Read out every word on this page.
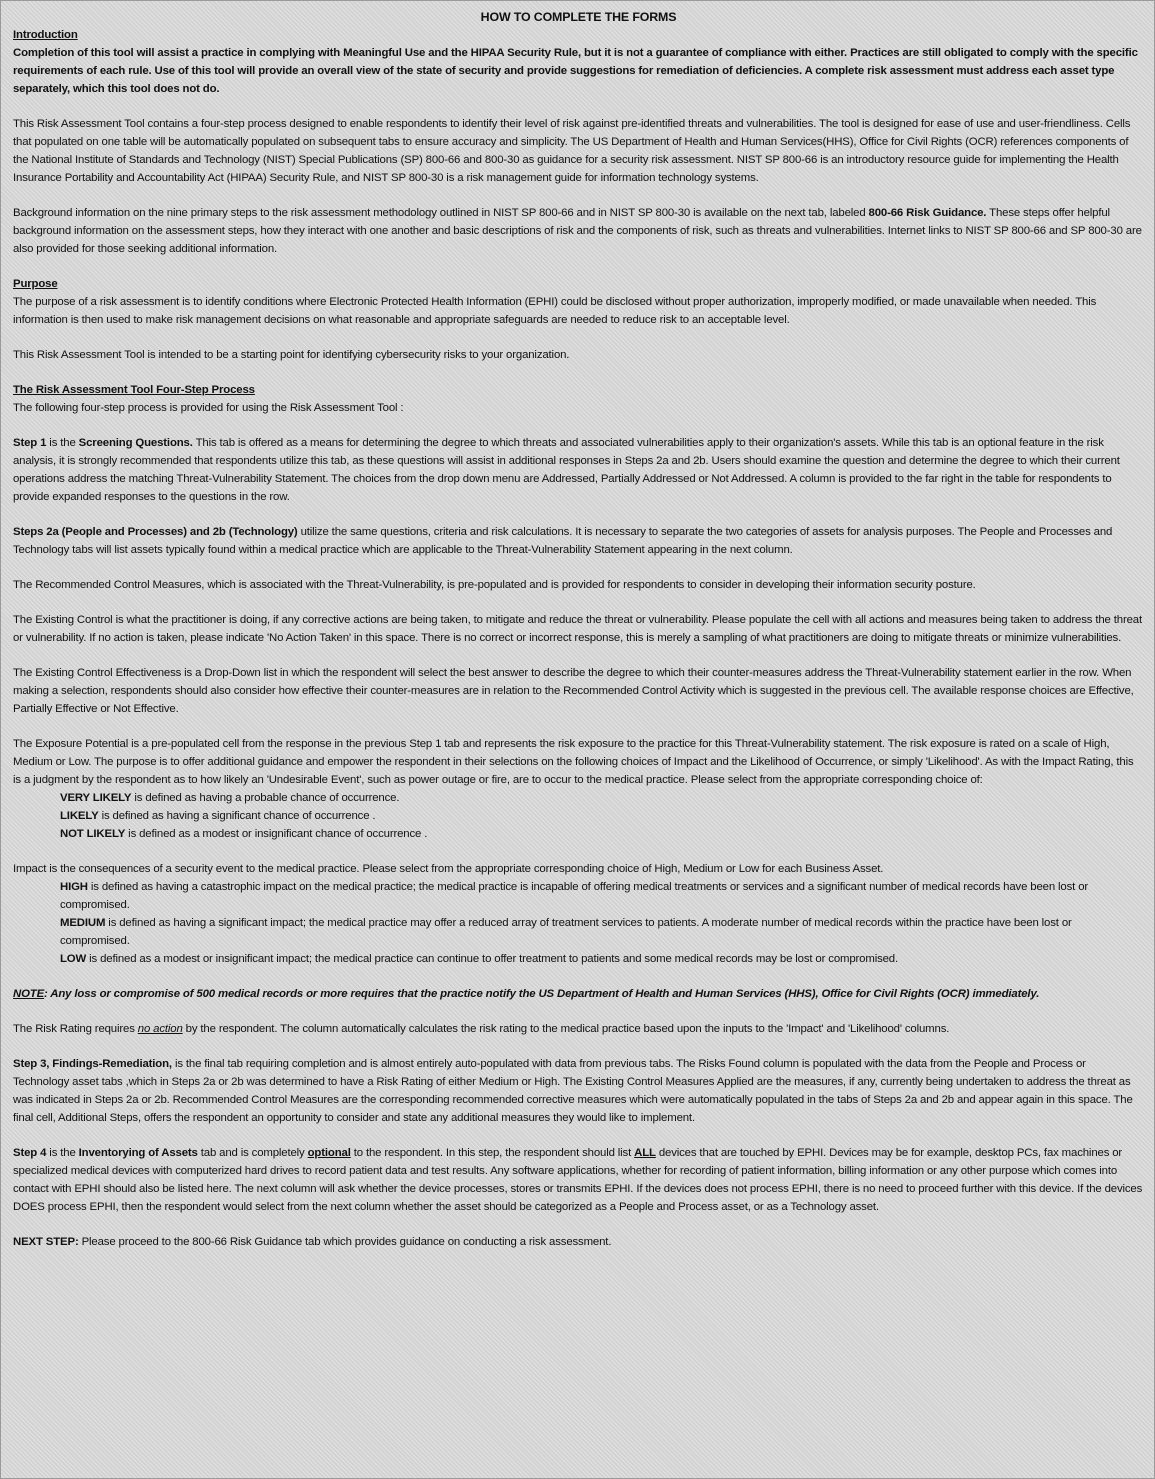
HOW TO COMPLETE THE FORMS

Introduction

Completion of this tool will assist a practice in complying with Meaningful Use and the HIPAA Security Rule, but it is not a guarantee of compliance with either. Practices are still obligated to comply with the specific requirements of each rule. Use of this tool will provide an overall view of the state of security and provide suggestions for remediation of deficiencies. A complete risk assessment must address each asset type separately, which this tool does not do.

This Risk Assessment Tool contains a four-step process designed to enable respondents to identify their level of risk against pre-identified threats and vulnerabilities. The tool is designed for ease of use and user-friendliness. Cells that populated on one table will be automatically populated on subsequent tabs to ensure accuracy and simplicity. The US Department of Health and Human Services(HHS), Office for Civil Rights (OCR) references components of the National Institute of Standards and Technology (NIST) Special Publications (SP) 800-66 and 800-30 as guidance for a security risk assessment. NIST SP 800-66 is an introductory resource guide for implementing the Health Insurance Portability and Accountability Act (HIPAA) Security Rule, and NIST SP 800-30 is a risk management guide for information technology systems.

Background information on the nine primary steps to the risk assessment methodology outlined in NIST SP 800-66 and in NIST SP 800-30 is available on the next tab, labeled 800-66 Risk Guidance. These steps offer helpful background information on the assessment steps, how they interact with one another and basic descriptions of risk and the components of risk, such as threats and vulnerabilities. Internet links to NIST SP 800-66 and SP 800-30 are also provided for those seeking additional information.

Purpose

The purpose of a risk assessment is to identify conditions where Electronic Protected Health Information (EPHI) could be disclosed without proper authorization, improperly modified, or made unavailable when needed. This information is then used to make risk management decisions on what reasonable and appropriate safeguards are needed to reduce risk to an acceptable level.

This Risk Assessment Tool is intended to be a starting point for identifying cybersecurity risks to your organization.

The Risk Assessment Tool Four-Step Process

The following four-step process is provided for using the Risk Assessment Tool :

Step 1 is the Screening Questions. This tab is offered as a means for determining the degree to which threats and associated vulnerabilities apply to their organization's assets. While this tab is an optional feature in the risk analysis, it is strongly recommended that respondents utilize this tab, as these questions will assist in additional responses in Steps 2a and 2b. Users should examine the question and determine the degree to which their current operations address the matching Threat-Vulnerability Statement. The choices from the drop down menu are Addressed, Partially Addressed or Not Addressed. A column is provided to the far right in the table for respondents to provide expanded responses to the questions in the row.

Steps 2a (People and Processes) and 2b (Technology) utilize the same questions, criteria and risk calculations. It is necessary to separate the two categories of assets for analysis purposes. The People and Processes and Technology tabs will list assets typically found within a medical practice which are applicable to the Threat-Vulnerability Statement appearing in the next column.

The Recommended Control Measures, which is associated with the Threat-Vulnerability, is pre-populated and is provided for respondents to consider in developing their information security posture.

The Existing Control is what the practitioner is doing, if any corrective actions are being taken, to mitigate and reduce the threat or vulnerability. Please populate the cell with all actions and measures being taken to address the threat or vulnerability. If no action is taken, please indicate 'No Action Taken' in this space. There is no correct or incorrect response, this is merely a sampling of what practitioners are doing to mitigate threats or minimize vulnerabilities.

The Existing Control Effectiveness is a Drop-Down list in which the respondent will select the best answer to describe the degree to which their counter-measures address the Threat-Vulnerability statement earlier in the row. When making a selection, respondents should also consider how effective their counter-measures are in relation to the Recommended Control Activity which is suggested in the previous cell. The available response choices are Effective, Partially Effective or Not Effective.

The Exposure Potential is a pre-populated cell from the response in the previous Step 1 tab and represents the risk exposure to the practice for this Threat-Vulnerability statement. The risk exposure is rated on a scale of High, Medium or Low. The purpose is to offer additional guidance and empower the respondent in their selections on the following choices of Impact and the Likelihood of Occurrence, or simply 'Likelihood'. As with the Impact Rating, this is a judgment by the respondent as to how likely an 'Undesirable Event', such as power outage or fire, are to occur to the medical practice. Please select from the appropriate corresponding choice of:

VERY LIKELY is defined as having a probable chance of occurrence.

LIKELY is defined as having a significant chance of occurrence .

NOT LIKELY is defined as a modest or insignificant chance of occurrence .

Impact is the consequences of a security event to the medical practice. Please select from the appropriate corresponding choice of High, Medium or Low for each Business Asset.

HIGH is defined as having a catastrophic impact on the medical practice; the medical practice is incapable of offering medical treatments or services and a significant number of medical records have been lost or compromised.

MEDIUM is defined as having a significant impact; the medical practice may offer a reduced array of treatment services to patients. A moderate number of medical records within the practice have been lost or compromised.

LOW is defined as a modest or insignificant impact; the medical practice can continue to offer treatment to patients and some medical records may be lost or compromised.

NOTE: Any loss or compromise of 500 medical records or more requires that the practice notify the US Department of Health and Human Services (HHS), Office for Civil Rights (OCR) immediately.

The Risk Rating requires no action by the respondent. The column automatically calculates the risk rating to the medical practice based upon the inputs to the 'Impact' and 'Likelihood' columns.

Step 3, Findings-Remediation, is the final tab requiring completion and is almost entirely auto-populated with data from previous tabs. The Risks Found column is populated with the data from the People and Process or Technology asset tabs ,which in Steps 2a or 2b was determined to have a Risk Rating of either Medium or High. The Existing Control Measures Applied are the measures, if any, currently being undertaken to address the threat as was indicated in Steps 2a or 2b. Recommended Control Measures are the corresponding recommended corrective measures which were automatically populated in the tabs of Steps 2a and 2b and appear again in this space. The final cell, Additional Steps, offers the respondent an opportunity to consider and state any additional measures they would like to implement.

Step 4 is the Inventorying of Assets tab and is completely optional to the respondent. In this step, the respondent should list ALL devices that are touched by EPHI. Devices may be for example, desktop PCs, fax machines or specialized medical devices with computerized hard drives to record patient data and test results. Any software applications, whether for recording of patient information, billing information or any other purpose which comes into contact with EPHI should also be listed here. The next column will ask whether the device processes, stores or transmits EPHI. If the devices does not process EPHI, there is no need to proceed further with this device. If the devices DOES process EPHI, then the respondent would select from the next column whether the asset should be categorized as a People and Process asset, or as a Technology asset.

NEXT STEP: Please proceed to the 800-66 Risk Guidance tab which provides guidance on conducting a risk assessment.
